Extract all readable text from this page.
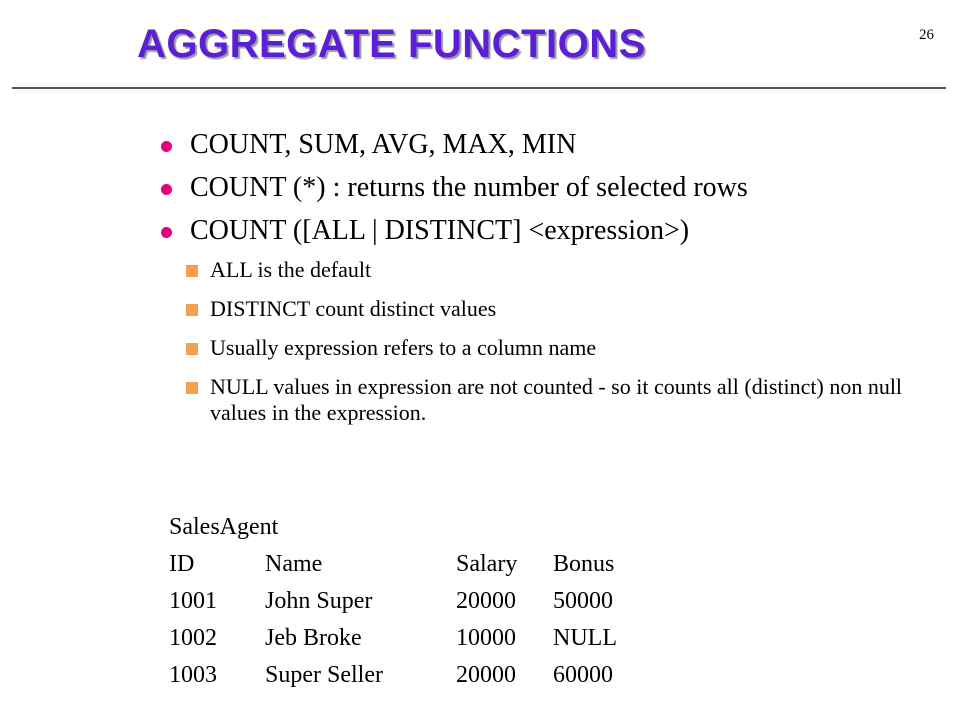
AGGREGATE FUNCTIONS	26
COUNT, SUM, AVG, MAX, MIN
COUNT (*) : returns the number of selected rows
COUNT ([ALL | DISTINCT] <expression>)
ALL is the default
DISTINCT count distinct values
Usually expression refers to a column name
NULL values in expression are not counted - so it counts all (distinct) non null values in the expression.
SalesAgent
ID	Name	Salary	Bonus
1001	John Super	20000	50000
1002	Jeb Broke	10000	NULL
1003	Super Seller	20000	60000
